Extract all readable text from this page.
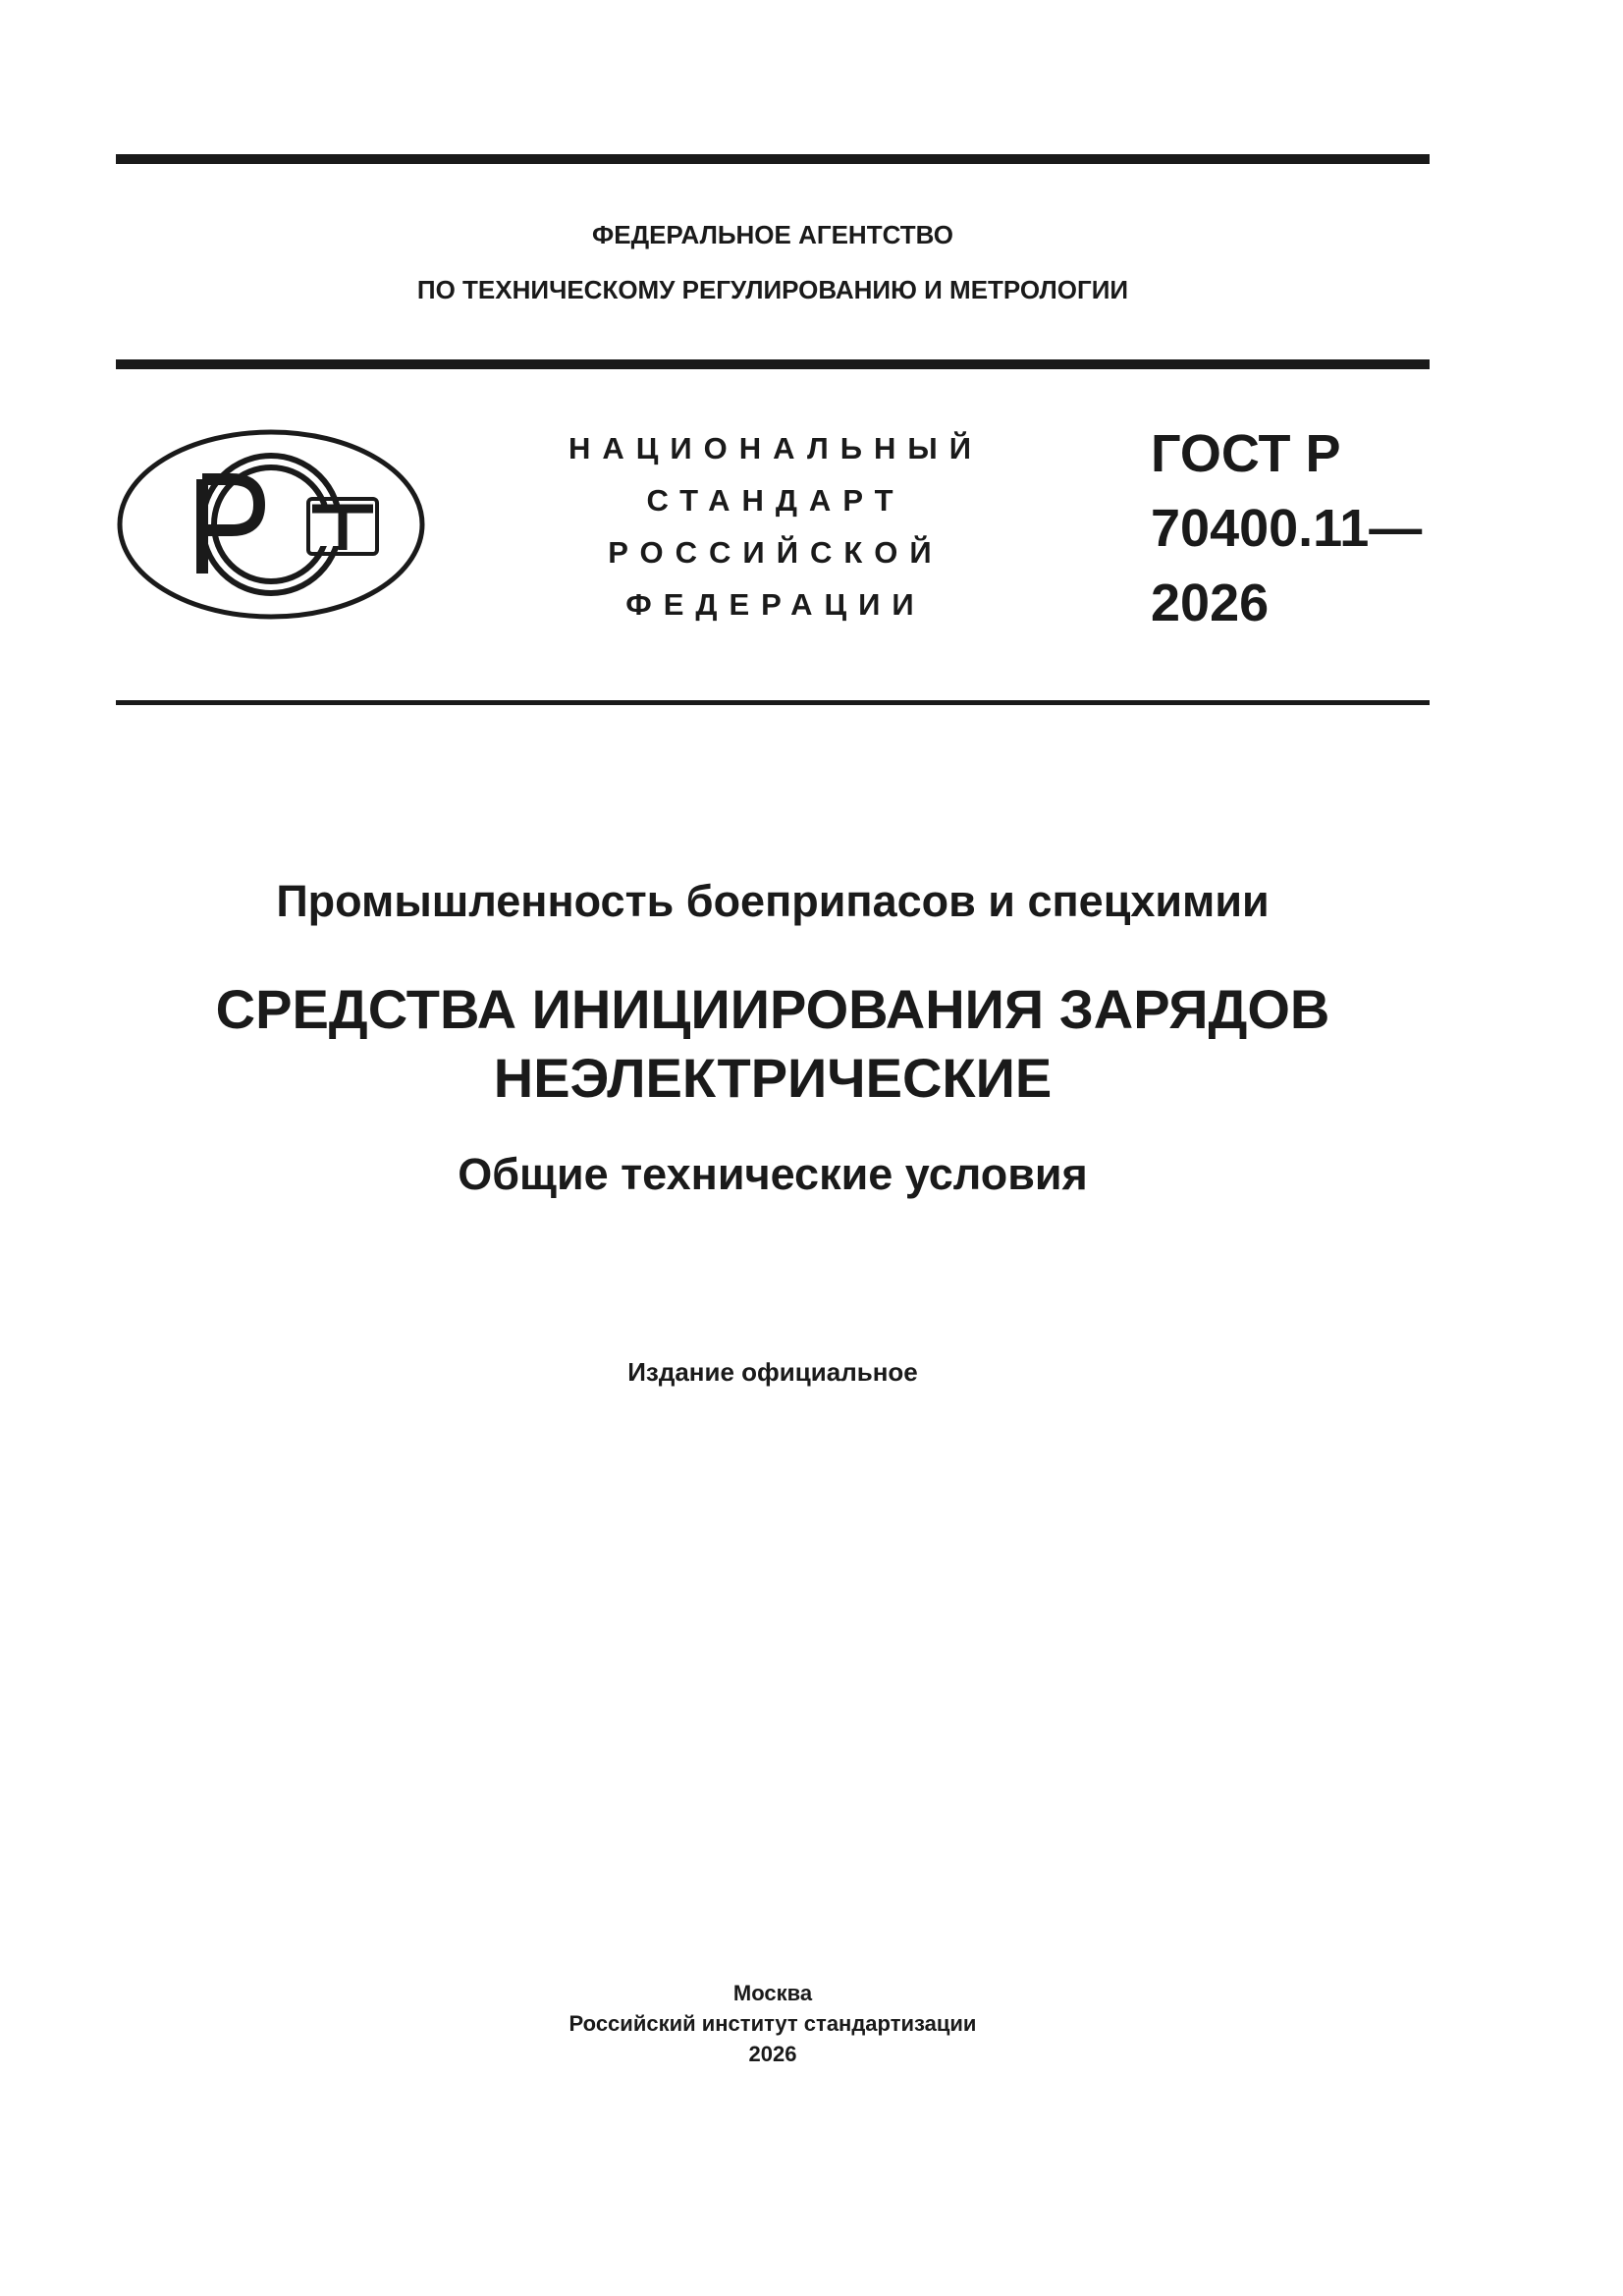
ФЕДЕРАЛЬНОЕ АГЕНТСТВО
ПО ТЕХНИЧЕСКОМУ РЕГУЛИРОВАНИЮ И МЕТРОЛОГИИ
НАЦИОНАЛЬНЫЙ
СТАНДАРТ
РОССИЙСКОЙ
ФЕДЕРАЦИИ
ГОСТ Р
70400.11—
2026
Промышленность боеприпасов и спецхимии
СРЕДСТВА ИНИЦИИРОВАНИЯ ЗАРЯДОВ
НЕЭЛЕКТРИЧЕСКИЕ
Общие технические условия
Издание официальное
Москва
Российский институт стандартизации
2026
